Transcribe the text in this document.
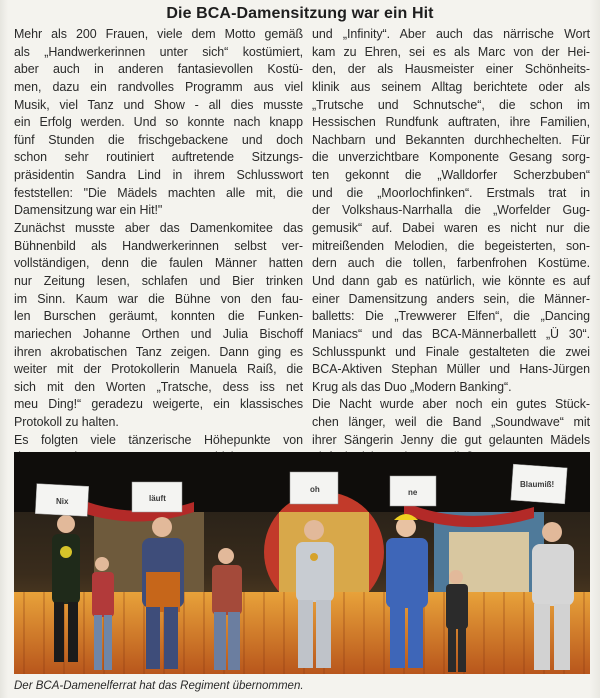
Die BCA-Damensitzung war ein Hit
Mehr als 200 Frauen, viele dem Motto gemäß
als „Handwerkerinnen unter sich“ kostümiert,
aber auch in anderen fantasievollen Kostü-
men, dazu ein randvolles Programm aus viel
Musik, viel Tanz und Show - all dies musste
ein Erfolg werden. Und so konnte nach knapp
fünf Stunden die frischgebackene und doch
schon sehr routiniert auftretende Sitzungs-
präsidentin Sandra Lind in ihrem Schlusswort
feststellen: "Die Mädels machten alle mit, die
Damensitzung war ein Hit!"
Zunächst musste aber das Damenkomitee das
Bühnenbild als Handwerkerinnen selbst ver-
vollständigen, denn die faulen Männer hatten
nur Zeitung lesen, schlafen und Bier trinken
im Sinn. Kaum war die Bühne von den fau-
len Burschen geräumt, konnten die Funken-
mariechen Johanne Orthen und Julia Bischoff
ihren akrobatischen Tanz zeigen. Dann ging es
weiter mit der Protokollerin Manuela Raiß, die
sich mit den Worten „Tratsche, dess iss net
meu Ding!“ geradezu weigerte, ein klassisches
Protokoll zu halten.
Es folgten viele tänzerische Höhepunkte von
und „Infinity“. Aber auch das närrische Wort
kam zu Ehren, sei es als Marc von der Hei-
den, der als Hausmeister einer Schönheits-
klinik aus seinem Alltag berichtete oder als
„Trutsche und Schnutsche“, die schon im
Hessischen Rundfunk auftraten, ihre Familien,
Nachbarn und Bekannten durchhechelten. Für
die unverzichtbare Komponente Gesang sorg-
ten gekonnt die „Walldorfer Scherzbuben“
und die „Moorlochfinken“. Erstmals trat in
der Volkshaus-Narrhalla die „Worfelder Gug-
gemusik“ auf. Dabei waren es nicht nur die
mitreißenden Melodien, die begeisterten, son-
dern auch die tollen, farbenfrohen Kostüme.
Und dann gab es natürlich, wie könnte es auf
einer Damensitzung anders sein, die Männer-
balletts: Die „Trewwerer Elfen“, die „Dancing
Maniacs“ und das BCA-Männerballett „Ü 30“.
Schlusspunkt und Finale gestalteten die zwei
BCA-Aktiven Stephan Müller und Hans-Jürgen
Krug als das Duo „Modern Banking“.
Die Nacht wurde aber noch ein gutes Stück-
chen länger, weil die Band „Soundwave“ mit
ihrer Sängerin Jenny die gut gelaunten Mädels
Nix	läuft
oh	ne
Blaumiß!
Der BCA-Damenelferrat hat das Regiment übernommen.
